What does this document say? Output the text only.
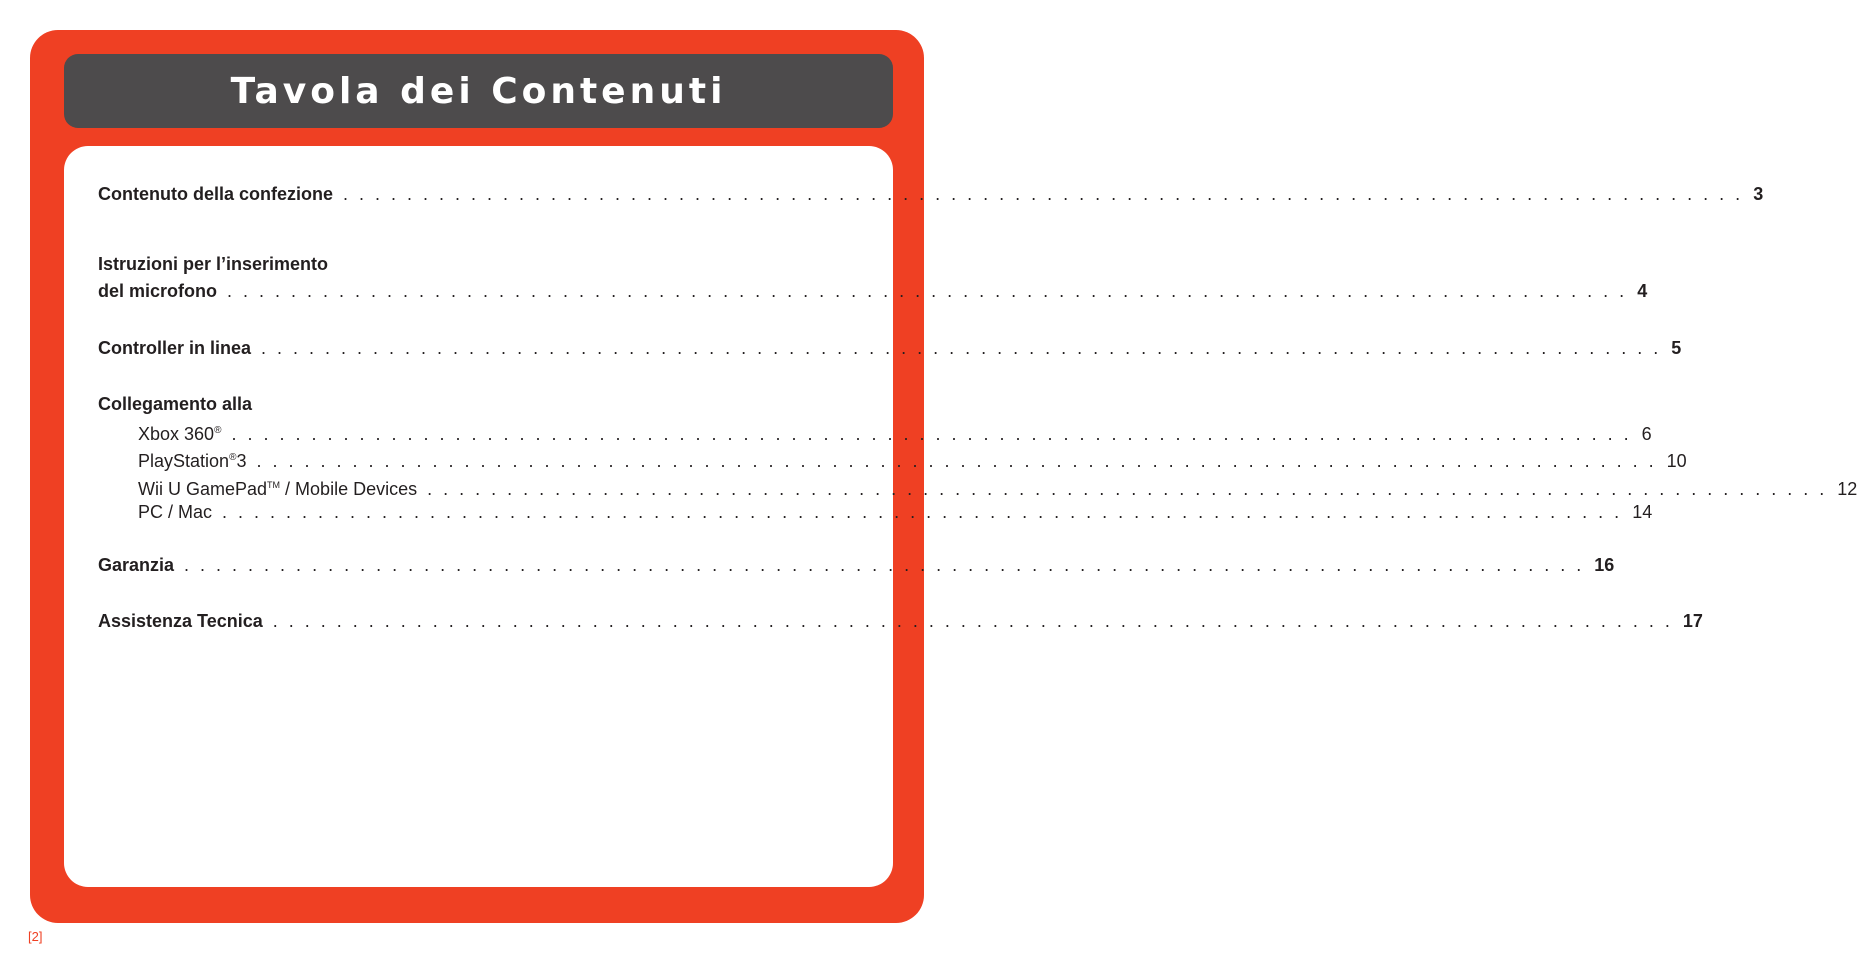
Tavola dei Contenuti
Contenuto della confezione . . . . . . . . . . . . . . . . . . . . . . . . . . . . . . . . . . . . . . . . . . . . . . . . . . . . . . . . . . . . . . . . . . . . . . . . . . . . . . . . . . . . . . . . 3
Istruzioni per l’inserimento
del microfono . . . . . . . . . . . . . . . . . . . . . . . . . . . . . . . . . . . . . . . . . . . . . . . . . . . . . . . . . . . . . . . . . . . . . . . . . . . . . . . . . . . . . . . . 4
Controller in linea . . . . . . . . . . . . . . . . . . . . . . . . . . . . . . . . . . . . . . . . . . . . . . . . . . . . . . . . . . . . . . . . . . . . . . . . . . . . . . . . . . . . . . . . 5
Collegamento alla
Xbox 360® . . . . . . . . . . . . . . . . . . . . . . . . . . . . . . . . . . . . . . . . . . . . . . . . . . . . . . . . . . . . . . . . . . . . . . . . . . . . . . . . . . . . . . . . 6
PlayStation®3 . . . . . . . . . . . . . . . . . . . . . . . . . . . . . . . . . . . . . . . . . . . . . . . . . . . . . . . . . . . . . . . . . . . . . . . . . . . . . . . . . . . . . . . . 10
Wii U GamePad™ / Mobile Devices . . . . . . . . . . . . . . . . . . . . . . . . . . . . . . . . . . . . . . . . . . . . . . . . . . . . . . . . . . . . . . . . . . . . . . . . . . . . . . . . . . . . . . . . 12
PC / Mac . . . . . . . . . . . . . . . . . . . . . . . . . . . . . . . . . . . . . . . . . . . . . . . . . . . . . . . . . . . . . . . . . . . . . . . . . . . . . . . . . . . . . . . . 14
Garanzia . . . . . . . . . . . . . . . . . . . . . . . . . . . . . . . . . . . . . . . . . . . . . . . . . . . . . . . . . . . . . . . . . . . . . . . . . . . . . . . . . . . . . . . . 16
Assistenza Tecnica . . . . . . . . . . . . . . . . . . . . . . . . . . . . . . . . . . . . . . . . . . . . . . . . . . . . . . . . . . . . . . . . . . . . . . . . . . . . . . . . . . . . . . . . 17
[2]
